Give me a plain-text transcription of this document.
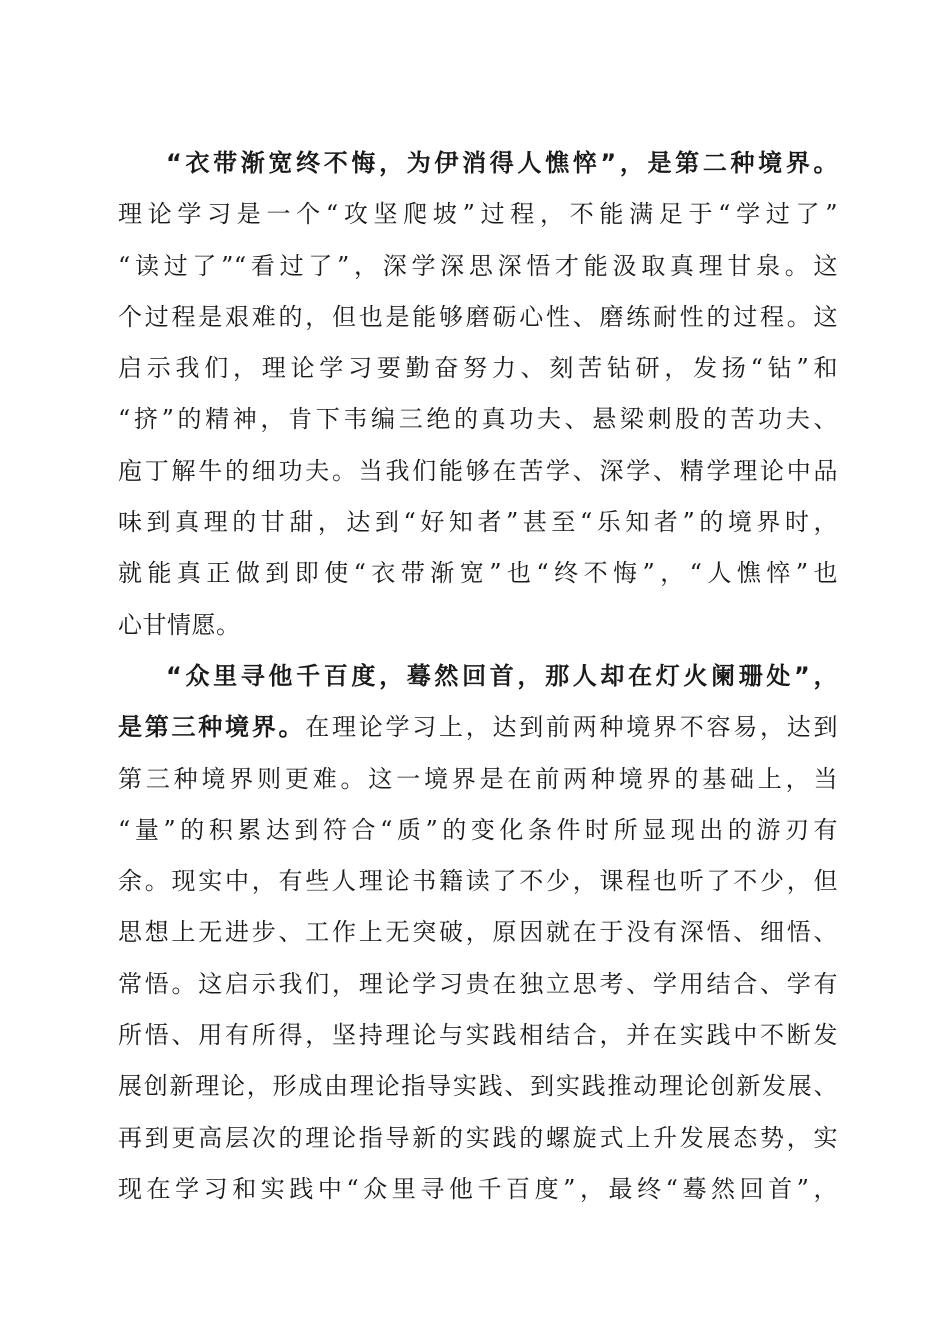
“衣带渐宽终不悔，为伊消得人憔悴”，是第二种境界。
理论学习是一个“攻坚爬坡”过程，不能满足于“学过了”
“读过了”“看过了”，深学深思深悟才能汲取真理甘泉。这
个过程是艰难的，但也是能够磨砺心性、磨练耐性的过程。这
启示我们，理论学习要勤奋努力、刻苦钻研，发扬“钻”和
“挤”的精神，肯下韦编三绝的真功夫、悬梁刺股的苦功夫、
庖丁解牛的细功夫。当我们能够在苦学、深学、精学理论中品
味到真理的甘甜，达到“好知者”甚至“乐知者”的境界时，
就能真正做到即使“衣带渐宽”也“终不悔”，“人憔悴”也
心甘情愿。
“众里寻他千百度，蓦然回首，那人却在灯火阑珊处”，
是第三种境界。在理论学习上，达到前两种境界不容易，达到
第三种境界则更难。这一境界是在前两种境界的基础上，当
“量”的积累达到符合“质”的变化条件时所显现出的游刃有
余。现实中，有些人理论书籍读了不少，课程也听了不少，但
思想上无进步、工作上无突破，原因就在于没有深悟、细悟、
常悟。这启示我们，理论学习贵在独立思考、学用结合、学有
所悟、用有所得，坚持理论与实践相结合，并在实践中不断发
展创新理论，形成由理论指导实践、到实践推动理论创新发展、
再到更高层次的理论指导新的实践的螺旋式上升发展态势，实
现在学习和实践中“众里寻他千百度”，最终“蓦然回首”，
